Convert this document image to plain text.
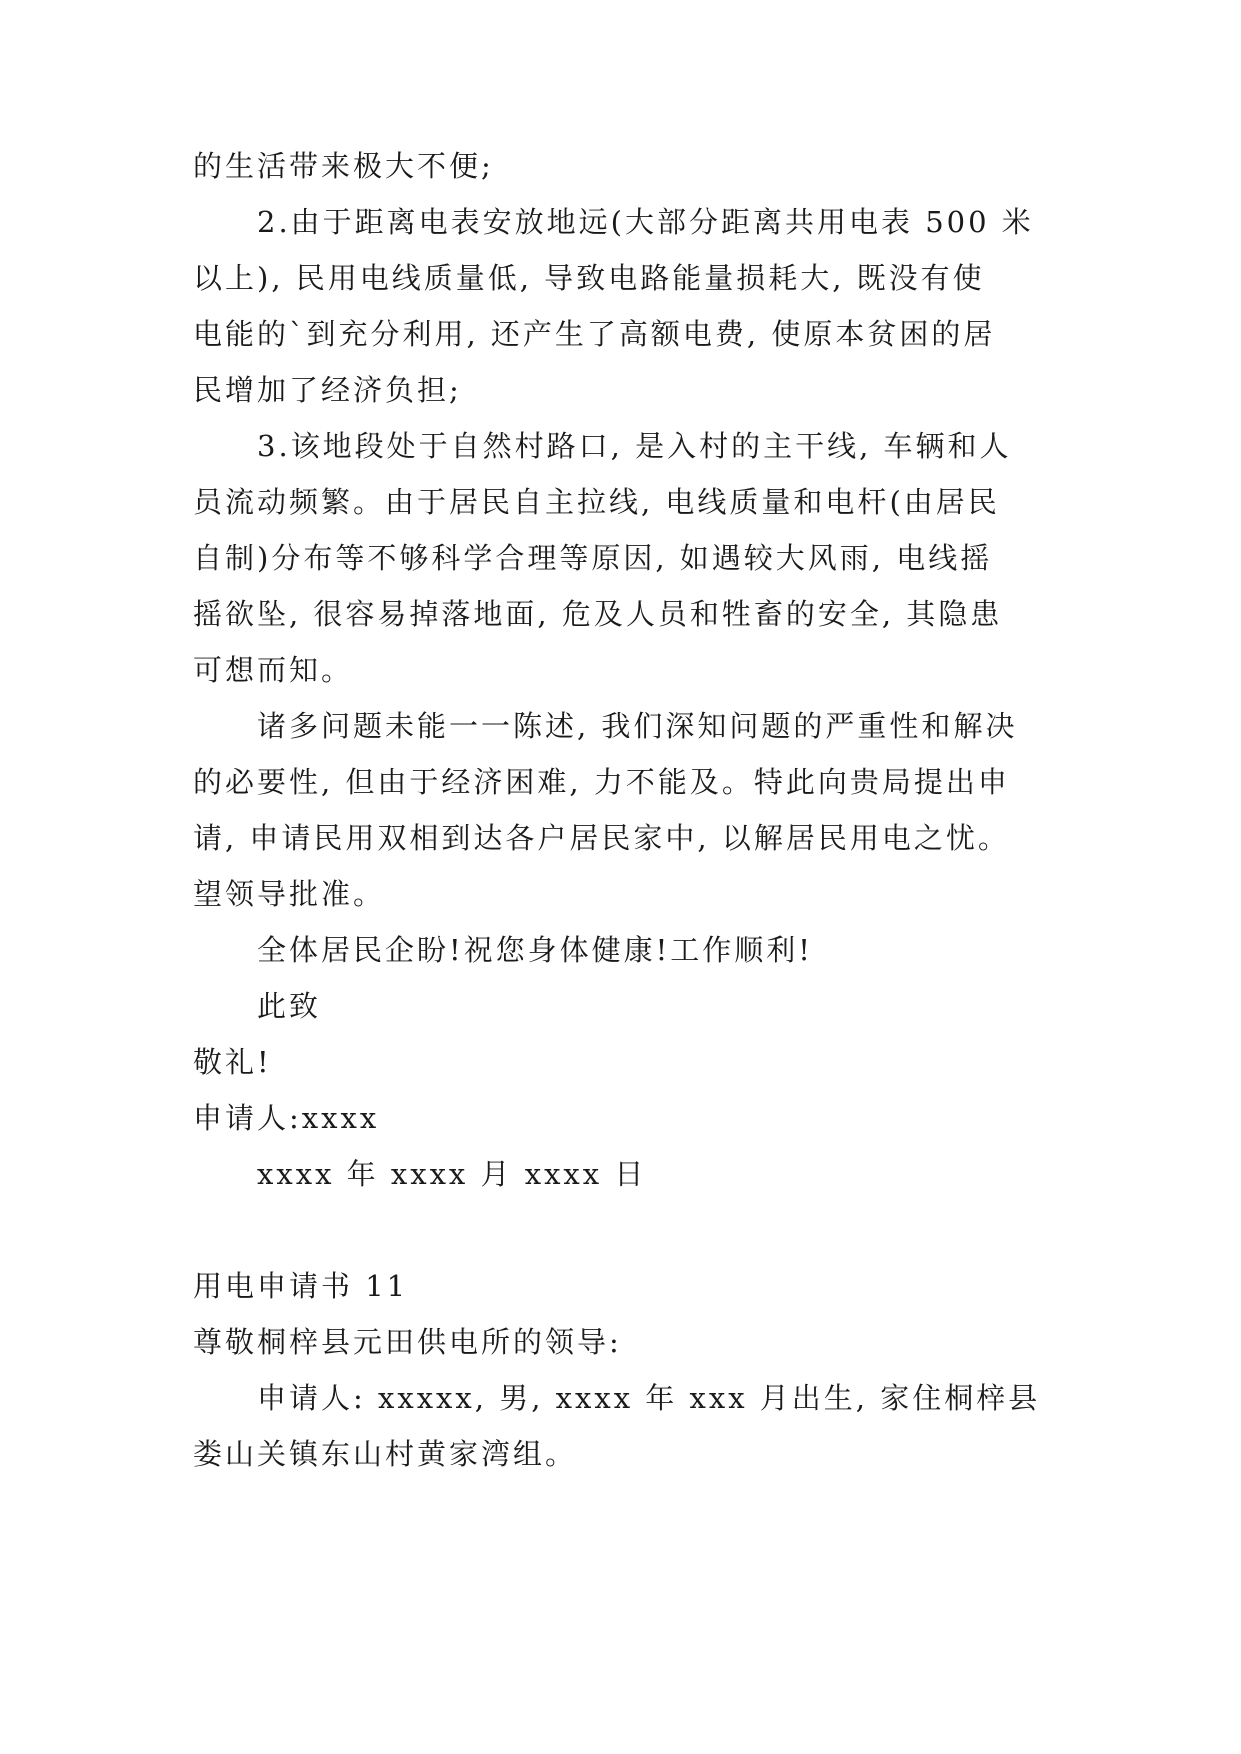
的生活带来极大不便;
2.由于距离电表安放地远(大部分距离共用电表 500 米
以上), 民用电线质量低, 导致电路能量损耗大, 既没有使
电能的`到充分利用, 还产生了高额电费, 使原本贫困的居
民增加了经济负担;
3.该地段处于自然村路口, 是入村的主干线, 车辆和人
员流动频繁。由于居民自主拉线, 电线质量和电杆(由居民
自制)分布等不够科学合理等原因, 如遇较大风雨, 电线摇
摇欲坠, 很容易掉落地面, 危及人员和牲畜的安全, 其隐患
可想而知。
诸多问题未能一一陈述, 我们深知问题的严重性和解决
的必要性, 但由于经济困难, 力不能及。特此向贵局提出申
请, 申请民用双相到达各户居民家中, 以解居民用电之忧。
望领导批准。
全体居民企盼!祝您身体健康!工作顺利!
此致
敬礼!
申请人:xxxx
xxxx 年 xxxx 月 xxxx 日
用电申请书 11
尊敬桐梓县元田供电所的领导:
申请人: xxxxx, 男, xxxx 年 xxx 月出生, 家住桐梓县
娄山关镇东山村黄家湾组。
